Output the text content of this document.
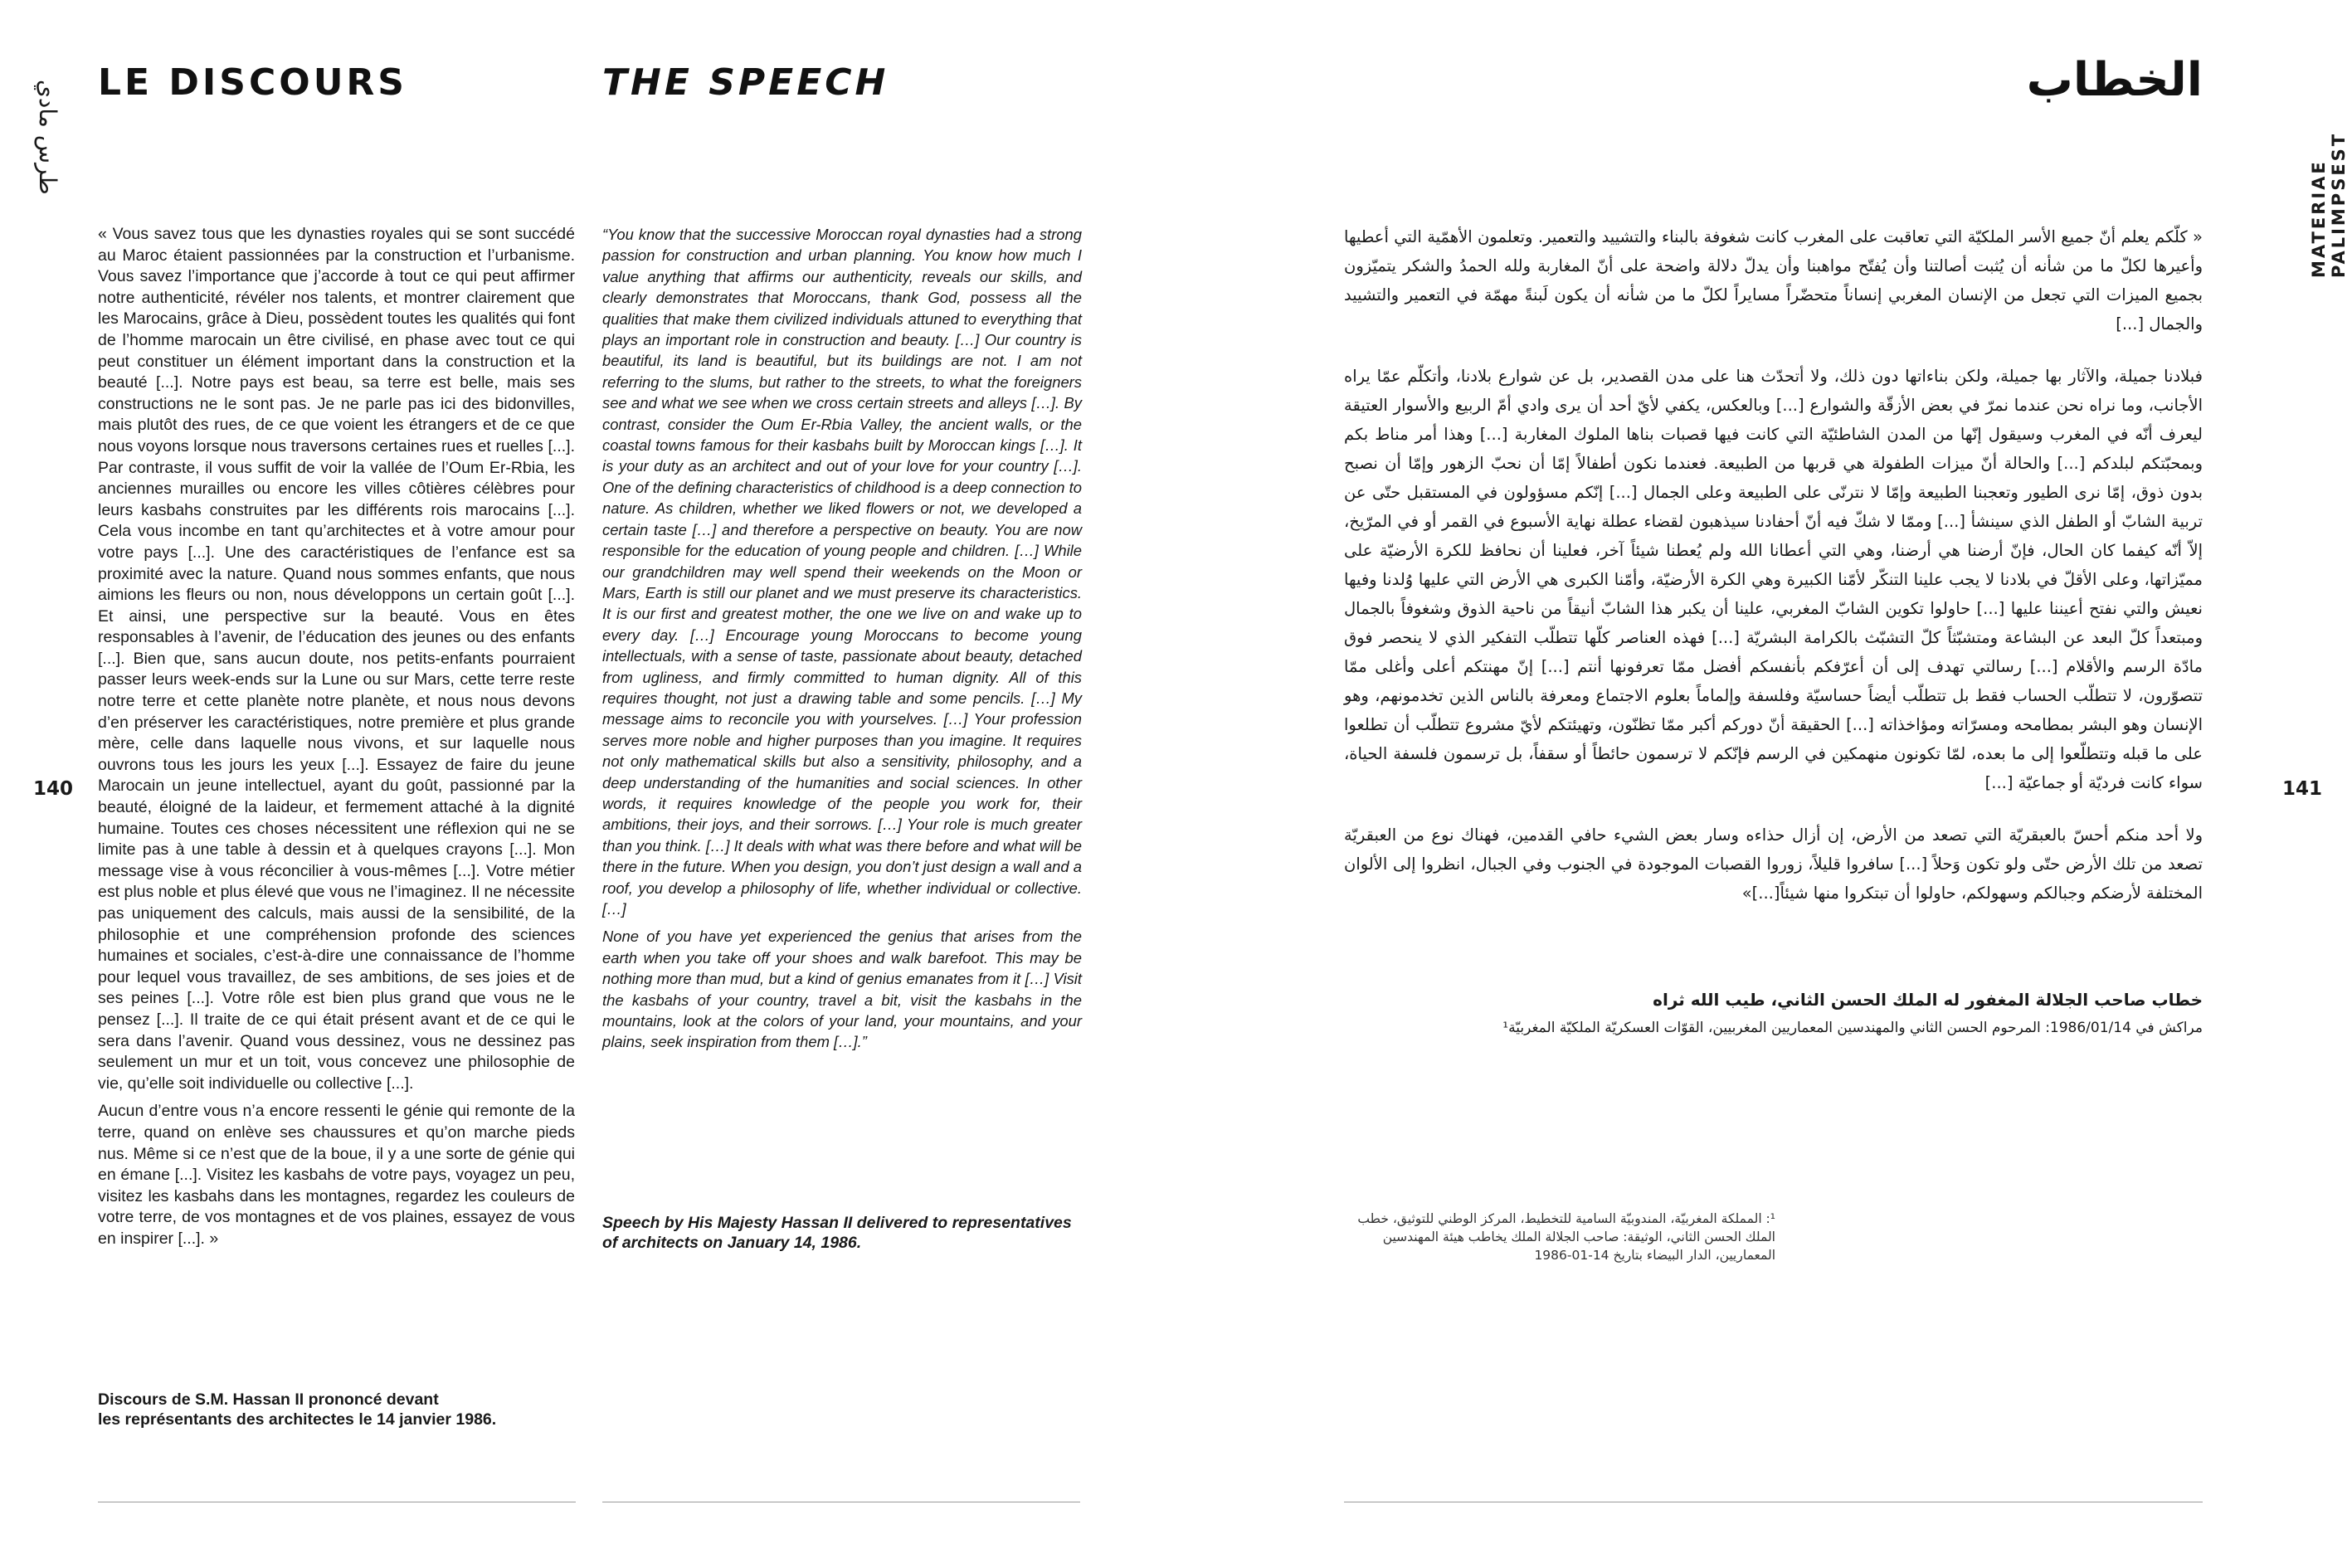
طرس مادي
MATERIAE PALIMPSEST
140	141
LE DISCOURS	THE SPEECH	الخطاب

« Vous savez tous que les dynasties royales qui se sont succédé au Maroc étaient passionnées par la construction et l’urbanisme. Vous savez l’importance que j’accorde à tout ce qui peut affirmer notre authenticité, révéler nos talents, et montrer clairement que les Marocains, grâce à Dieu, possèdent toutes les qualités qui font de l’homme marocain un être civilisé, en phase avec tout ce qui peut constituer un élément important dans la construction et la beauté [...]. Notre pays est beau, sa terre est belle, mais ses constructions ne le sont pas. Je ne parle pas ici des bidonvilles, mais plutôt des rues, de ce que voient les étrangers et de ce que nous voyons lorsque nous traversons certaines rues et ruelles [...]. Par contraste, il vous suffit de voir la vallée de l’Oum Er-Rbia, les anciennes murailles ou encore les villes côtières célèbres pour leurs kasbahs construites par les différents rois marocains [...]. Cela vous incombe en tant qu’architectes et à votre amour pour votre pays [...]. Une des caractéristiques de l’enfance est sa proximité avec la nature. Quand nous sommes enfants, que nous aimions les fleurs ou non, nous développons un certain goût [...]. Et ainsi, une perspective sur la beauté. Vous en êtes responsables à l’avenir, de l’éducation des jeunes ou des enfants [...]. Bien que, sans aucun doute, nos petits-enfants pourraient passer leurs week-ends sur la Lune ou sur Mars, cette terre reste notre terre et cette planète notre planète, et nous nous devons d’en préserver les caractéristiques, notre première et plus grande mère, celle dans laquelle nous vivons, et sur laquelle nous ouvrons tous les jours les yeux [...]. Essayez de faire du jeune Marocain un jeune intellectuel, ayant du goût, passionné par la beauté, éloigné de la laideur, et fermement attaché à la dignité humaine. Toutes ces choses nécessitent une réflexion qui ne se limite pas à une table à dessin et à quelques crayons [...]. Mon message vise à vous réconcilier à vous-mêmes [...]. Votre métier est plus noble et plus élevé que vous ne l’imaginez. Il ne nécessite pas uniquement des calculs, mais aussi de la sensibilité, de la philosophie et une compréhension profonde des sciences humaines et sociales, c’est-à-dire une connaissance de l’homme pour lequel vous travaillez, de ses ambitions, de ses joies et de ses peines [...]. Votre rôle est bien plus grand que vous ne le pensez [...]. Il traite de ce qui était présent avant et de ce qui le sera dans l’avenir. Quand vous dessinez, vous ne dessinez pas seulement un mur et un toit, vous concevez une philosophie de vie, qu’elle soit individuelle ou collective [...].

Aucun d’entre vous n’a encore ressenti le génie qui remonte de la terre, quand on enlève ses chaussures et qu’on marche pieds nus. Même si ce n’est que de la boue, il y a une sorte de génie qui en émane [...]. Visitez les kasbahs de votre pays, voyagez un peu, visitez les kasbahs dans les montagnes, regardez les couleurs de votre terre, de vos montagnes et de vos plaines, essayez de vous en inspirer [...]. »

Discours de S.M. Hassan II prononcé devant
les représentants des architectes le 14 janvier 1986.

“You know that the successive Moroccan royal dynasties had a strong passion for construction and urban planning. You know how much I value anything that affirms our authenticity, reveals our skills, and clearly demonstrates that Moroccans, thank God, possess all the qualities that make them civilized individuals attuned to everything that plays an important role in construction and beauty. […] Our country is beautiful, its land is beautiful, but its buildings are not. I am not referring to the slums, but rather to the streets, to what the foreigners see and what we see when we cross certain streets and alleys […]. By contrast, consider the Oum Er-Rbia Valley, the ancient walls, or the coastal towns famous for their kasbahs built by Moroccan kings […]. It is your duty as an architect and out of your love for your country […]. One of the defining characteristics of childhood is a deep connection to nature. As children, whether we liked flowers or not, we developed a certain taste […] and therefore a perspective on beauty. You are now responsible for the education of young people and children. […] While our grandchildren may well spend their weekends on the Moon or Mars, Earth is still our planet and we must preserve its characteristics. It is our first and greatest mother, the one we live on and wake up to every day. […] Encourage young Moroccans to become young intellectuals, with a sense of taste, passionate about beauty, detached from ugliness, and firmly committed to human dignity. All of this requires thought, not just a drawing table and some pencils. […] My message aims to reconcile you with yourselves. […] Your profession serves more noble and higher purposes than you imagine. It requires not only mathematical skills but also a sensitivity, philosophy, and a deep understanding of the humanities and social sciences. In other words, it requires knowledge of the people you work for, their ambitions, their joys, and their sorrows. […] Your role is much greater than you think. […] It deals with what was there before and what will be there in the future. When you design, you don’t just design a wall and a roof, you develop a philosophy of life, whether individual or collective. […]

None of you have yet experienced the genius that arises from the earth when you take off your shoes and walk barefoot. This may be nothing more than mud, but a kind of genius emanates from it […] Visit the kasbahs of your country, travel a bit, visit the kasbahs in the mountains, look at the colors of your land, your mountains, and your plains, seek inspiration from them […].”

Speech by His Majesty Hassan II delivered to representatives of architects on January 14, 1986.

« كلّكم يعلم أنّ جميع الأسر الملكيّة التي تعاقبت على المغرب كانت شغوفة بالبناء والتشييد والتعمير. وتعلمون الأهمّية التي أعطيها وأعيرها لكلّ ما من شأنه أن يُثبت أصالتنا وأن يُفتّح مواهبنا وأن يدلّ دلالة واضحة على أنّ المغاربة ولله الحمدُ والشكر يتميّزون بجميع الميزات التي تجعل من الإنسان المغربي إنساناً متحضّراً مسايراً لكلّ ما من شأنه أن يكون لَبنةً مهمّة في التعمير والتشييد والجمال [...]

فبلادنا جميلة، والآثار بها جميلة، ولكن بناءاتها دون ذلك، ولا أتحدّث هنا على مدن القصدير، بل عن شوارع بلادنا، وأتكلّم عمّا يراه الأجانب، وما نراه نحن عندما نمرّ في بعض الأزقّة والشوارع [...] وبالعكس، يكفي لأيّ أحد أن يرى وادي أمّ الربيع والأسوار العتيقة ليعرف أنّه في المغرب وسيقول إنّها من المدن الشاطئيّة التي كانت فيها قصبات بناها الملوك المغاربة [...] وهذا أمر مناط بكم وبمحبّتكم لبلدكم [...] والحالة أنّ ميزات الطفولة هي قربها من الطبيعة. فعندما نكون أطفالاً إمّا أن نحبّ الزهور وإمّا أن نصبح بدون ذوق، إمّا نرى الطيور وتعجبنا الطبيعة وإمّا لا نترنّى على الطبيعة وعلى الجمال [...] إنّكم مسؤولون في المستقبل حتّى عن تربية الشابّ أو الطفل الذي سينشأ [...] وممّا لا شكّ فيه أنّ أحفادنا سيذهبون لقضاء عطلة نهاية الأسبوع في القمر أو في المرّيخ، إلاّ أنّه كيفما كان الحال، فإنّ أرضنا هي أرضنا، وهي التي أعطانا الله ولم يُعطنا شيئاً آخر، فعلينا أن نحافظ للكرة الأرضيّة على مميّزاتها، وعلى الأقلّ في بلادنا لا يجب علينا التنكّر لأمّنا الكبيرة وهي الكرة الأرضيّة، وأمّنا الكبرى هي الأرض التي عليها وُلدنا وفيها نعيش والتي نفتح أعيننا عليها [...] حاولوا تكوين الشابّ المغربي، علينا أن يكبر هذا الشابّ أنيقاً من ناحية الذوق وشغوفاً بالجمال ومبتعداً كلّ البعد عن البشاعة ومتشبّثاً كلّ التشبّث بالكرامة البشريّة [...] فهذه العناصر كلّها تتطلّب التفكير الذي لا ينحصر فوق مادّة الرسم والأقلام [...] رسالتي تهدف إلى أن أعرّفكم بأنفسكم أفضل ممّا تعرفونها أنتم [...] إنّ مهنتكم أعلى وأغلى ممّا تتصوّرون، لا تتطلّب الحساب فقط بل تتطلّب أيضاً حساسيّة وفلسفة وإلماماً بعلوم الاجتماع ومعرفة بالناس الذين تخدمونهم، وهو الإنسان وهو البشر بمطامحه ومسرّاته ومؤاخذاته [...] الحقيقة أنّ دوركم أكبر ممّا تظنّون، وتهيئتكم لأيّ مشروع تتطلّب أن تطلعوا على ما قبله وتتطلّعوا إلى ما بعده، لمّا تكونون منهمكين في الرسم فإنّكم لا ترسمون حائطاً أو سقفاً، بل ترسمون فلسفة الحياة، سواء كانت فرديّة أو جماعيّة [...]

ولا أحد منكم أحسّ بالعبقريّة التي تصعد من الأرض، إن أزال حذاءه وسار بعض الشيء حافي القدمين، فهناك نوع من العبقريّة تصعد من تلك الأرض حتّى ولو تكون وَحلاً [...] سافروا قليلاً، زوروا القصبات الموجودة في الجنوب وفي الجبال، انظروا إلى الألوان المختلفة لأرضكم وجبالكم وسهولكم، حاولوا أن تبتكروا منها شيئاً[...]»

خطاب صاحب الجلالة المغفور له الملك الحسن الثاني، طيب الله ثراه
مراكش في 1986/01/14: المرحوم الحسن الثاني والمهندسين المعماريين المغربيين، القوّات العسكريّة الملكيّة المغربيّة¹
¹: المملكة المغربيّة، المندوبيّة السامية للتخطيط، المركز الوطني للتوثيق، خطب الملك الحسن الثاني، الوثيقة: صاحب الجلالة الملك يخاطب هيئة المهندسين المعماريين، الدار البيضاء بتاريخ 14-01-1986
